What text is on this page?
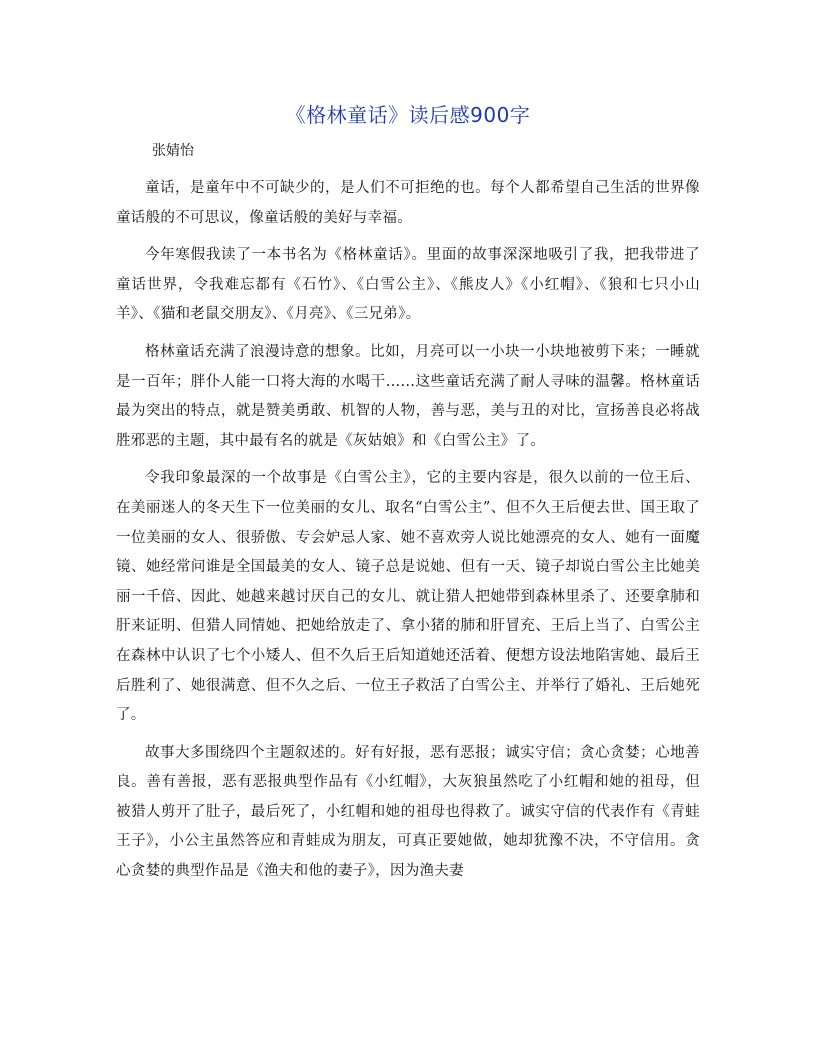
《格林童话》读后感900字
张婧怡

童话，是童年中不可缺少的，是人们不可拒绝的也。每个人都希望自己生活的世界像童话般的不可思议，像童话般的美好与幸福。

今年寒假我读了一本书名为《格林童话》。里面的故事深深地吸引了我，把我带进了童话世界，令我难忘都有《石竹》、《白雪公主》、《熊皮人》《小红帽》、《狼和七只小山羊》、《猫和老鼠交朋友》、《月亮》、《三兄弟》。

格林童话充满了浪漫诗意的想象。比如，月亮可以一小块一小块地被剪下来；一睡就是一百年；胖仆人能一口将大海的水喝干……这些童话充满了耐人寻味的温馨。格林童话最为突出的特点，就是赞美勇敢、机智的人物，善与恶，美与丑的对比，宣扬善良必将战胜邪恶的主题，其中最有名的就是《灰姑娘》和《白雪公主》了。

令我印象最深的一个故事是《白雪公主》，它的主要内容是，很久以前的一位王后、在美丽迷人的冬天生下一位美丽的女儿、取名“白雪公主”、但不久王后便去世、国王取了一位美丽的女人、很骄傲、专会妒忌人家、她不喜欢旁人说比她漂亮的女人、她有一面魔镜、她经常问谁是全国最美的女人、镜子总是说她、但有一天、镜子却说白雪公主比她美丽一千倍、因此、她越来越讨厌自己的女儿、就让猎人把她带到森林里杀了、还要拿肺和肝来证明、但猎人同情她、把她给放走了、拿小猪的肺和肝冒充、王后上当了、白雪公主在森林中认识了七个小矮人、但不久后王后知道她还活着、便想方设法地陷害她、最后王后胜利了、她很满意、但不久之后、一位王子救活了白雪公主、并举行了婚礼、王后她死了。

故事大多围绕四个主题叙述的。好有好报，恶有恶报；诚实守信；贪心贪婪；心地善良。善有善报，恶有恶报典型作品有《小红帽》，大灰狼虽然吃了小红帽和她的祖母，但被猎人剪开了肚子，最后死了，小红帽和她的祖母也得救了。诚实守信的代表作有《青蛙王子》，小公主虽然答应和青蛙成为朋友，可真正要她做，她却犹豫不决，不守信用。贪心贪婪的典型作品是《渔夫和他的妻子》，因为渔夫妻
